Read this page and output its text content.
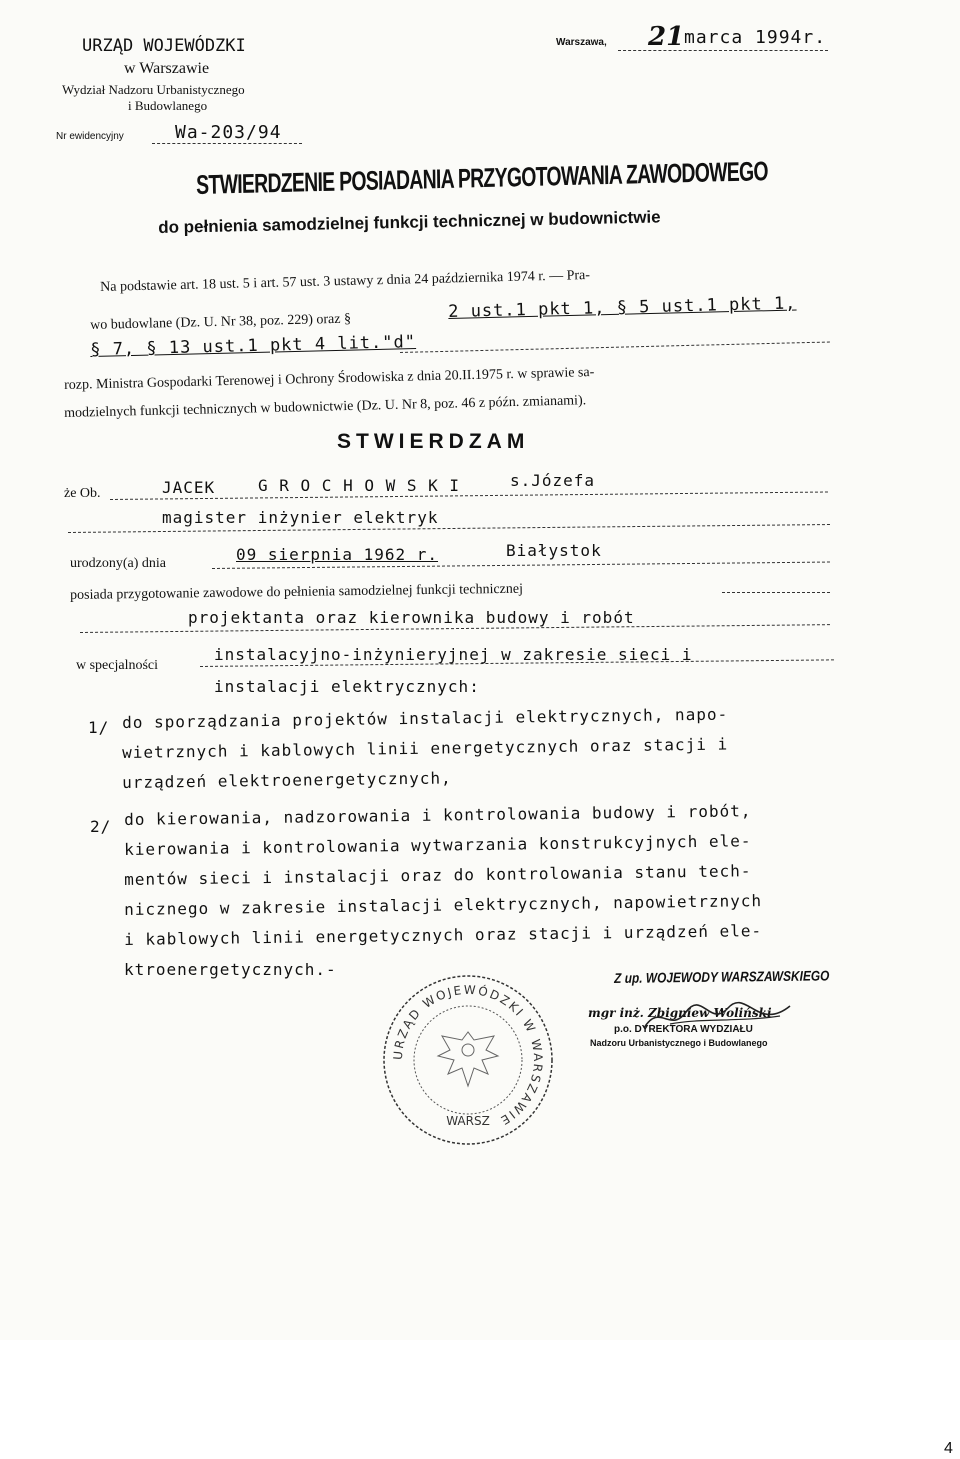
URZĄD WOJEWÓDZKI
w Warszawie
Wydział Nadzoru Urbanistycznego
i Budowlanego
Nr ewidencyjny	Wa-203/94
Warszawa, 21 marca 1994r.
STWIERDZENIE POSIADANIA PRZYGOTOWANIA ZAWODOWEGO
do pełnienia samodzielnej funkcji technicznej w budownictwie
Na podstawie art. 18 ust. 5 i art. 57 ust. 3 ustawy z dnia 24 października 1974 r. — Pra-
wo budowlane (Dz. U. Nr 38, poz. 229) oraz §
2 ust.1 pkt 1, § 5 ust.1 pkt 1,
§ 7, § 13 ust.1 pkt 4 lit."d"
rozp. Ministra Gospodarki Terenowej i Ochrony Środowiska z dnia 20.II.1975 r. w sprawie sa-
modzielnych funkcji technicznych w budownictwie (Dz. U. Nr 8, poz. 46 z późn. zmianami).
STWIERDZAM
że Ob.	JACEK	G R O C H O W S K I	s.Józefa
magister inżynier elektryk
urodzony(a) dnia	09 sierpnia 1962 r.	Białystok
posiada przygotowanie zawodowe do pełnienia samodzielnej funkcji technicznej
projektanta oraz kierownika budowy i robót
w specjalności
instalacyjno-inżynieryjnej w zakresie sieci i
instalacji elektrycznych:
1/ do sporządzania projektów instalacji elektrycznych, napo-
wietrznych i kablowych linii energetycznych oraz stacji i
urządzeń elektroenergetycznych,
2/ do kierowania, nadzorowania i kontrolowania budowy i robót,
kierowania i kontrolowania wytwarzania konstrukcyjnych ele-
mentów sieci i instalacji oraz do kontrolowania stanu tech-
nicznego w zakresie instalacji elektrycznych, napowietrznych
i kablowych linii energetycznych oraz stacji i urządzeń ele-
ktroenergetycznych.-
URZĄD WOJEWÓDZKI W WARSZAWIE
WARSZ
Z up. WOJEWODY WARSZAWSKIEGO
mgr inż. Zbigniew Woliński
p.o. DYREKTORA WYDZIAŁU
Nadzoru Urbanistycznego i Budowlanego
4
